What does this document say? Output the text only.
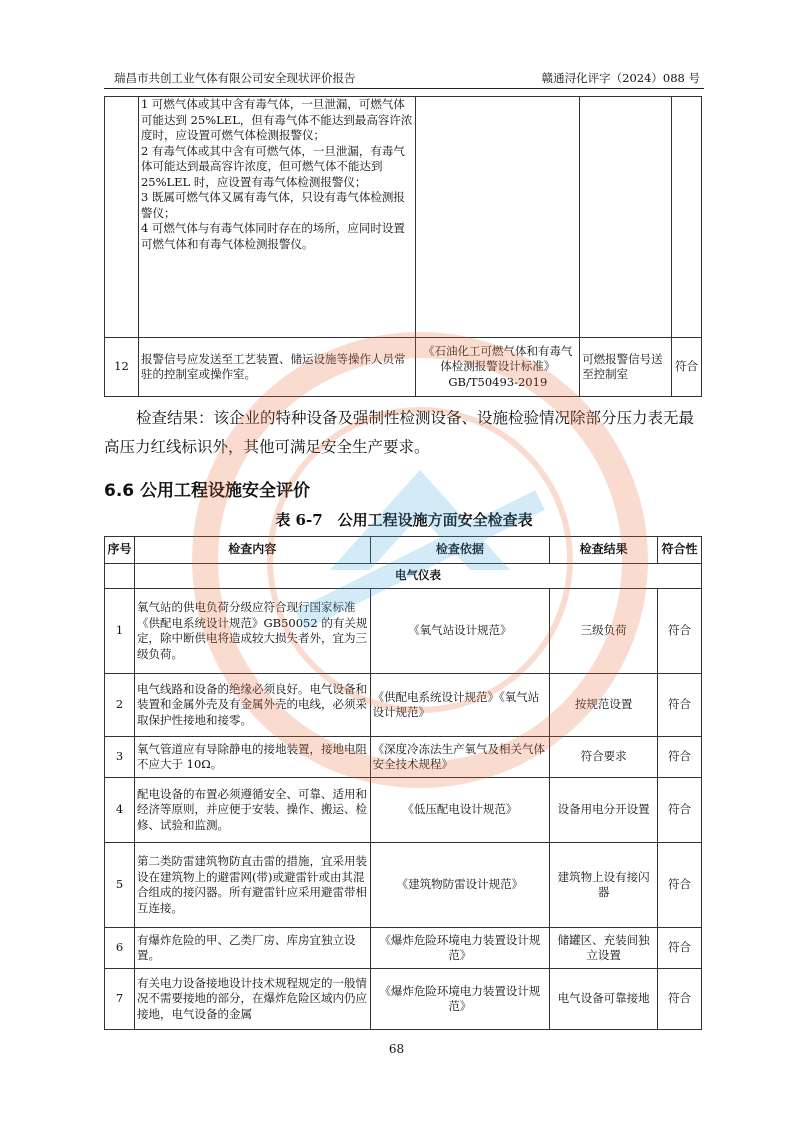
瑞昌市共创工业气体有限公司安全现状评价报告	赣通浔化评字（2024）088 号
	1 可燃气体或其中含有毒气体，一旦泄漏，可燃气体可能达到 25%LEL，但有毒气体不能达到最高容许浓度时，应设置可燃气体检测报警仪；
2 有毒气体或其中含有可燃气体，一旦泄漏，有毒气体可能达到最高容许浓度，但可燃气体不能达到 25%LEL 时，应设置有毒气体检测报警仪；
3 既属可燃气体又属有毒气体，只设有毒气体检测报警仪；
4 可燃气体与有毒气体同时存在的场所，应同时设置可燃气体和有毒气体检测报警仪。			
12	报警信号应发送至工艺装置、储运设施等操作人员常驻的控制室或操作室。	《石油化工可燃气体和有毒气体检测报警设计标准》GB/T50493-2019	可燃报警信号送至控制室	符合

检查结果：该企业的特种设备及强制性检测设备、设施检验情况除部分压力表无最高压力红线标识外，其他可满足安全生产要求。

6.6 公用工程设施安全评价

表 6-7　公用工程设施方面安全检查表

序号	检查内容	检查依据	检查结果	符合性
	电气仪表			
1	氧气站的供电负荷分级应符合现行国家标准《供配电系统设计规范》GB50052 的有关规定，除中断供电将造成较大损失者外，宜为三级负荷。	《氧气站设计规范》	三级负荷	符合
2	电气线路和设备的绝缘必须良好。电气设备和装置和金属外壳及有金属外壳的电线，必须采取保护性接地和接零。	《供配电系统设计规范》《氧气站设计规范》	按规范设置	符合
3	氧气管道应有导除静电的接地装置，接地电阻不应大于 10Ω。	《深度冷冻法生产氧气及相关气体安全技术规程》	符合要求	符合
4	配电设备的布置必须遵循安全、可靠、适用和经济等原则，并应便于安装、操作、搬运、检修、试验和监测。	《低压配电设计规范》	设备用电分开设置	符合
5	第二类防雷建筑物防直击雷的措施，宜采用装设在建筑物上的避雷网(带)或避雷针或由其混合组成的接闪器。所有避雷针应采用避雷带相互连接。	《建筑物防雷设计规范》	建筑物上设有接闪器	符合
6	有爆炸危险的甲、乙类厂房、库房宜独立设置。	《爆炸危险环境电力装置设计规范》	储罐区、充装间独立设置	符合
7	有关电力设备接地设计技术规程规定的一般情况不需要接地的部分，在爆炸危险区域内仍应接地，电气设备的金属	《爆炸危险环境电力装置设计规范》	电气设备可靠接地	符合
68
